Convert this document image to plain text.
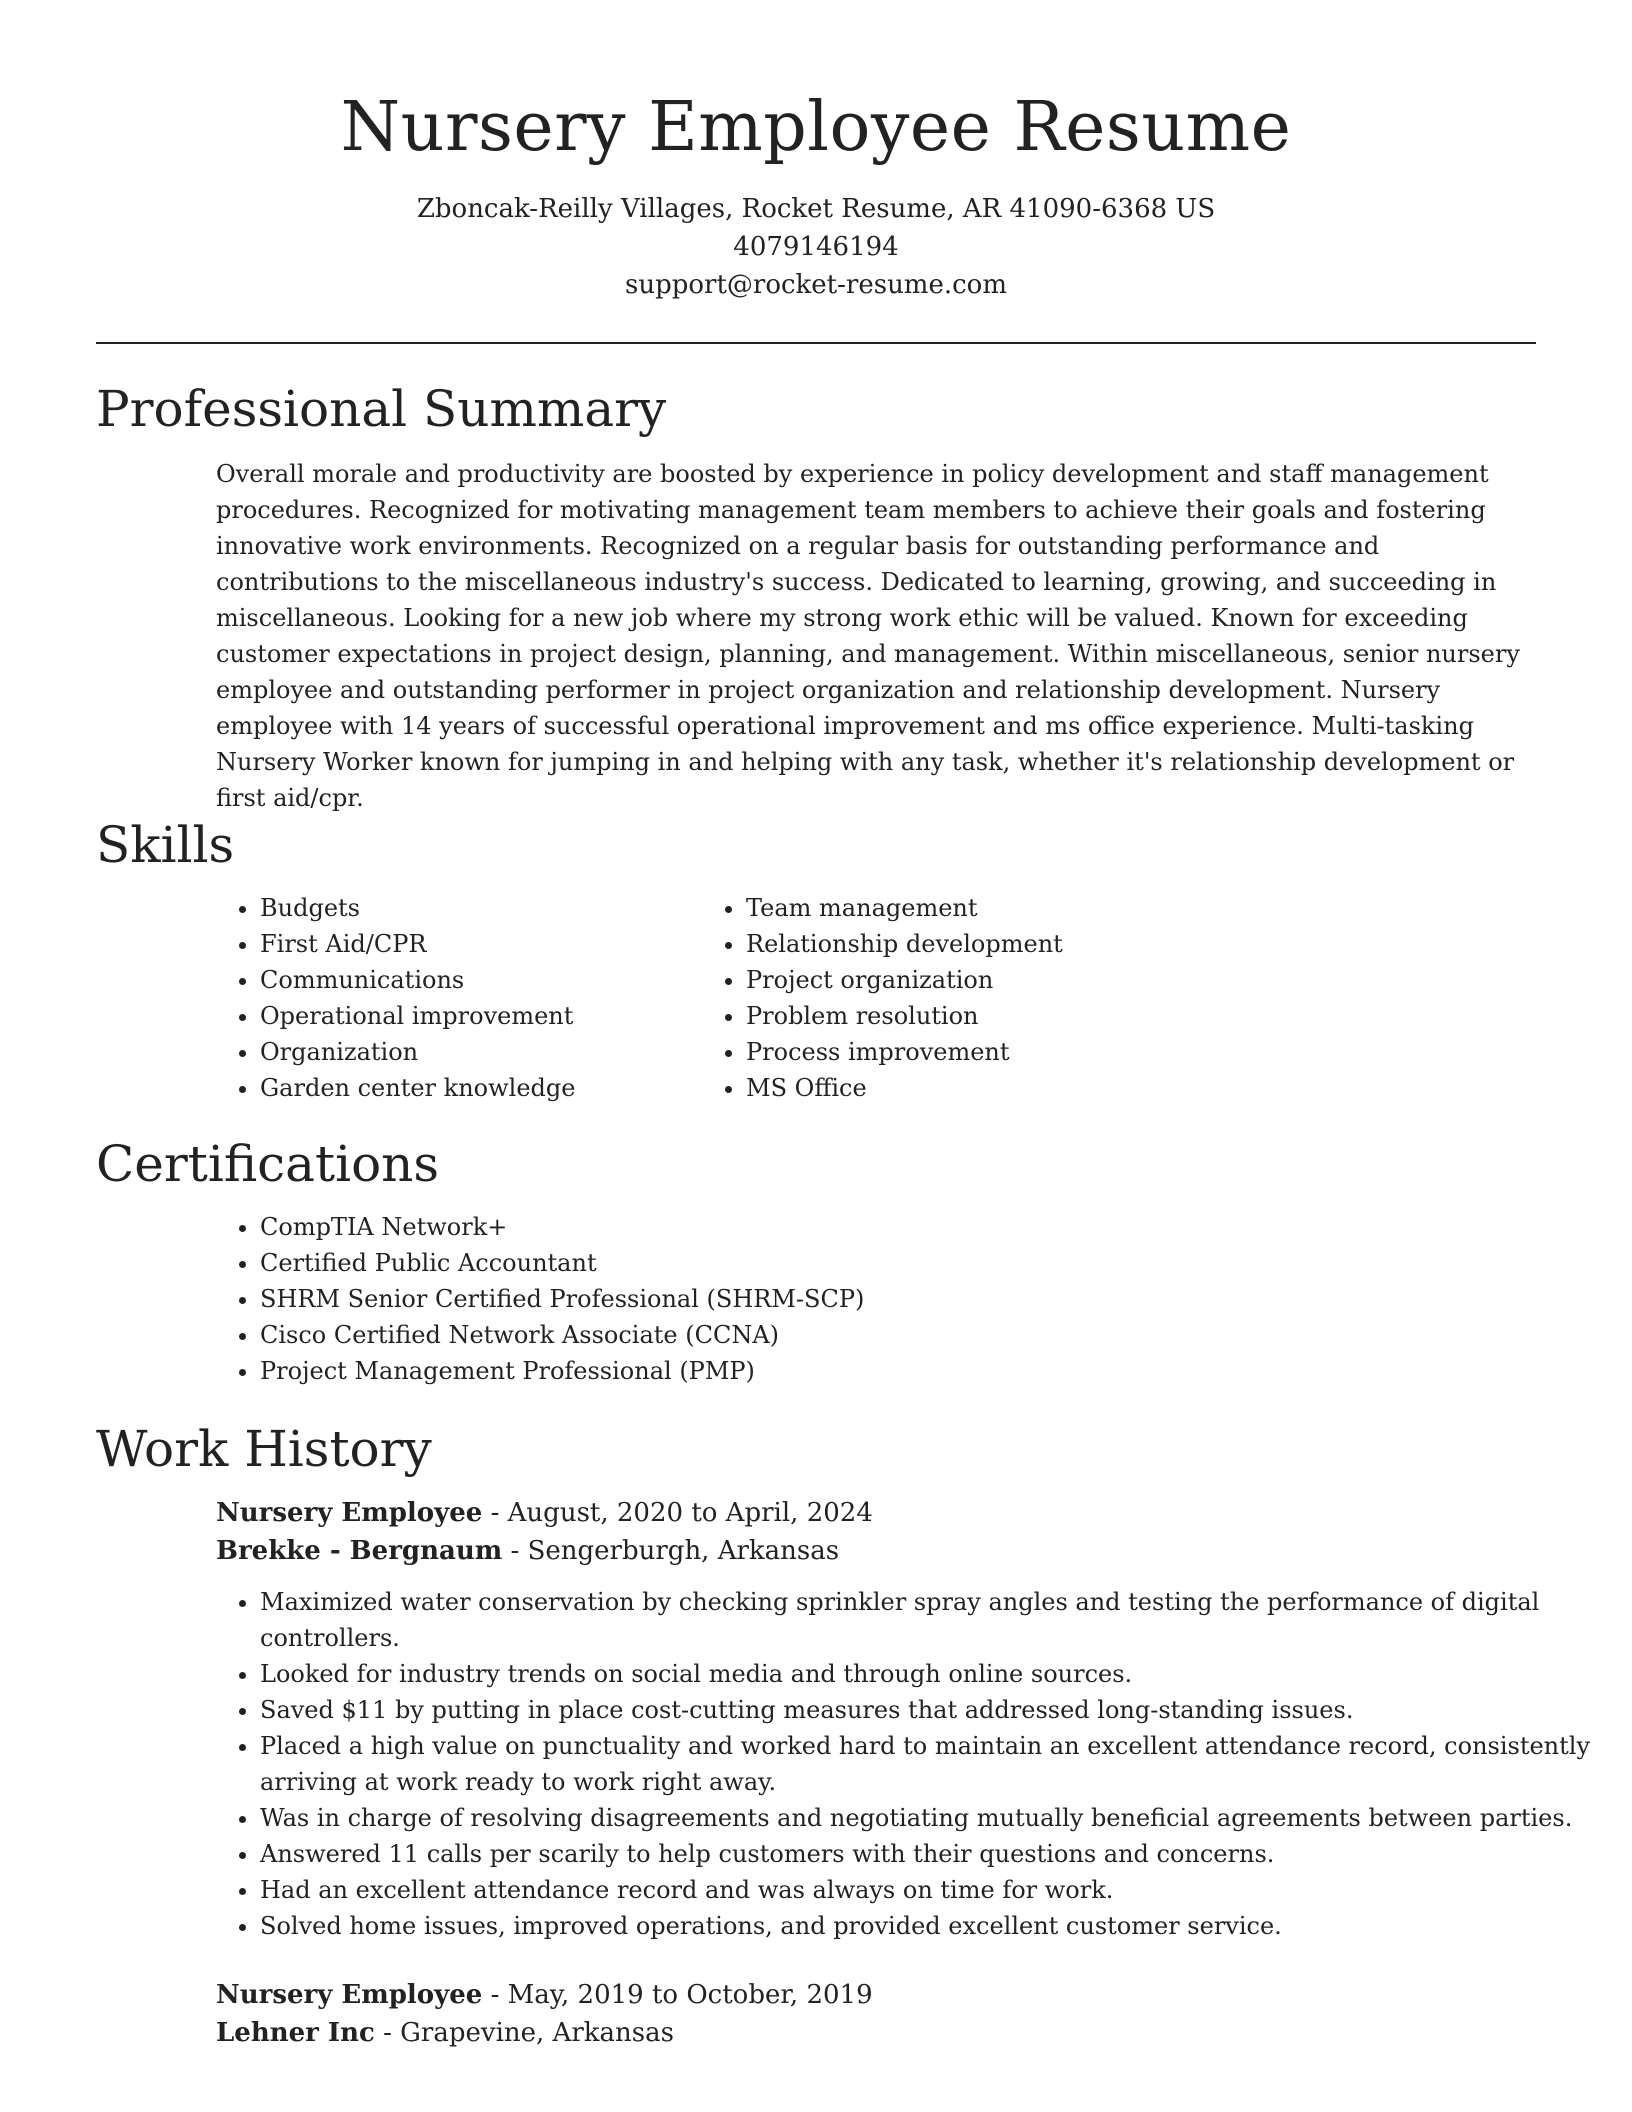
Nursery Employee Resume
Zboncak-Reilly Villages, Rocket Resume, AR 41090-6368 US
4079146194
support@rocket-resume.com
Professional Summary

Overall morale and productivity are boosted by experience in policy development and staff management procedures. Recognized for motivating management team members to achieve their goals and fostering innovative work environments. Recognized on a regular basis for outstanding performance and contributions to the miscellaneous industry's success. Dedicated to learning, growing, and succeeding in miscellaneous. Looking for a new job where my strong work ethic will be valued. Known for exceeding customer expectations in project design, planning, and management. Within miscellaneous, senior nursery employee and outstanding performer in project organization and relationship development. Nursery employee with 14 years of successful operational improvement and ms office experience. Multi-tasking Nursery Worker known for jumping in and helping with any task, whether it's relationship development or first aid/cpr.

Skills
• Budgets
• First Aid/CPR
• Communications
• Operational improvement
• Organization
• Garden center knowledge
• Team management
• Relationship development
• Project organization
• Problem resolution
• Process improvement
• MS Office
Certifications
• CompTIA Network+
• Certified Public Accountant
• SHRM Senior Certified Professional (SHRM-SCP)
• Cisco Certified Network Associate (CCNA)
• Project Management Professional (PMP)
Work History
Nursery Employee - August, 2020 to April, 2024
Brekke - Bergnaum - Sengerburgh, Arkansas
• Maximized water conservation by checking sprinkler spray angles and testing the performance of digital controllers.
• Looked for industry trends on social media and through online sources.
• Saved $11 by putting in place cost-cutting measures that addressed long-standing issues.
• Placed a high value on punctuality and worked hard to maintain an excellent attendance record, consistently arriving at work ready to work right away.
• Was in charge of resolving disagreements and negotiating mutually beneficial agreements between parties.
• Answered 11 calls per scarily to help customers with their questions and concerns.
• Had an excellent attendance record and was always on time for work.
• Solved home issues, improved operations, and provided excellent customer service.
Nursery Employee - May, 2019 to October, 2019
Lehner Inc - Grapevine, Arkansas
